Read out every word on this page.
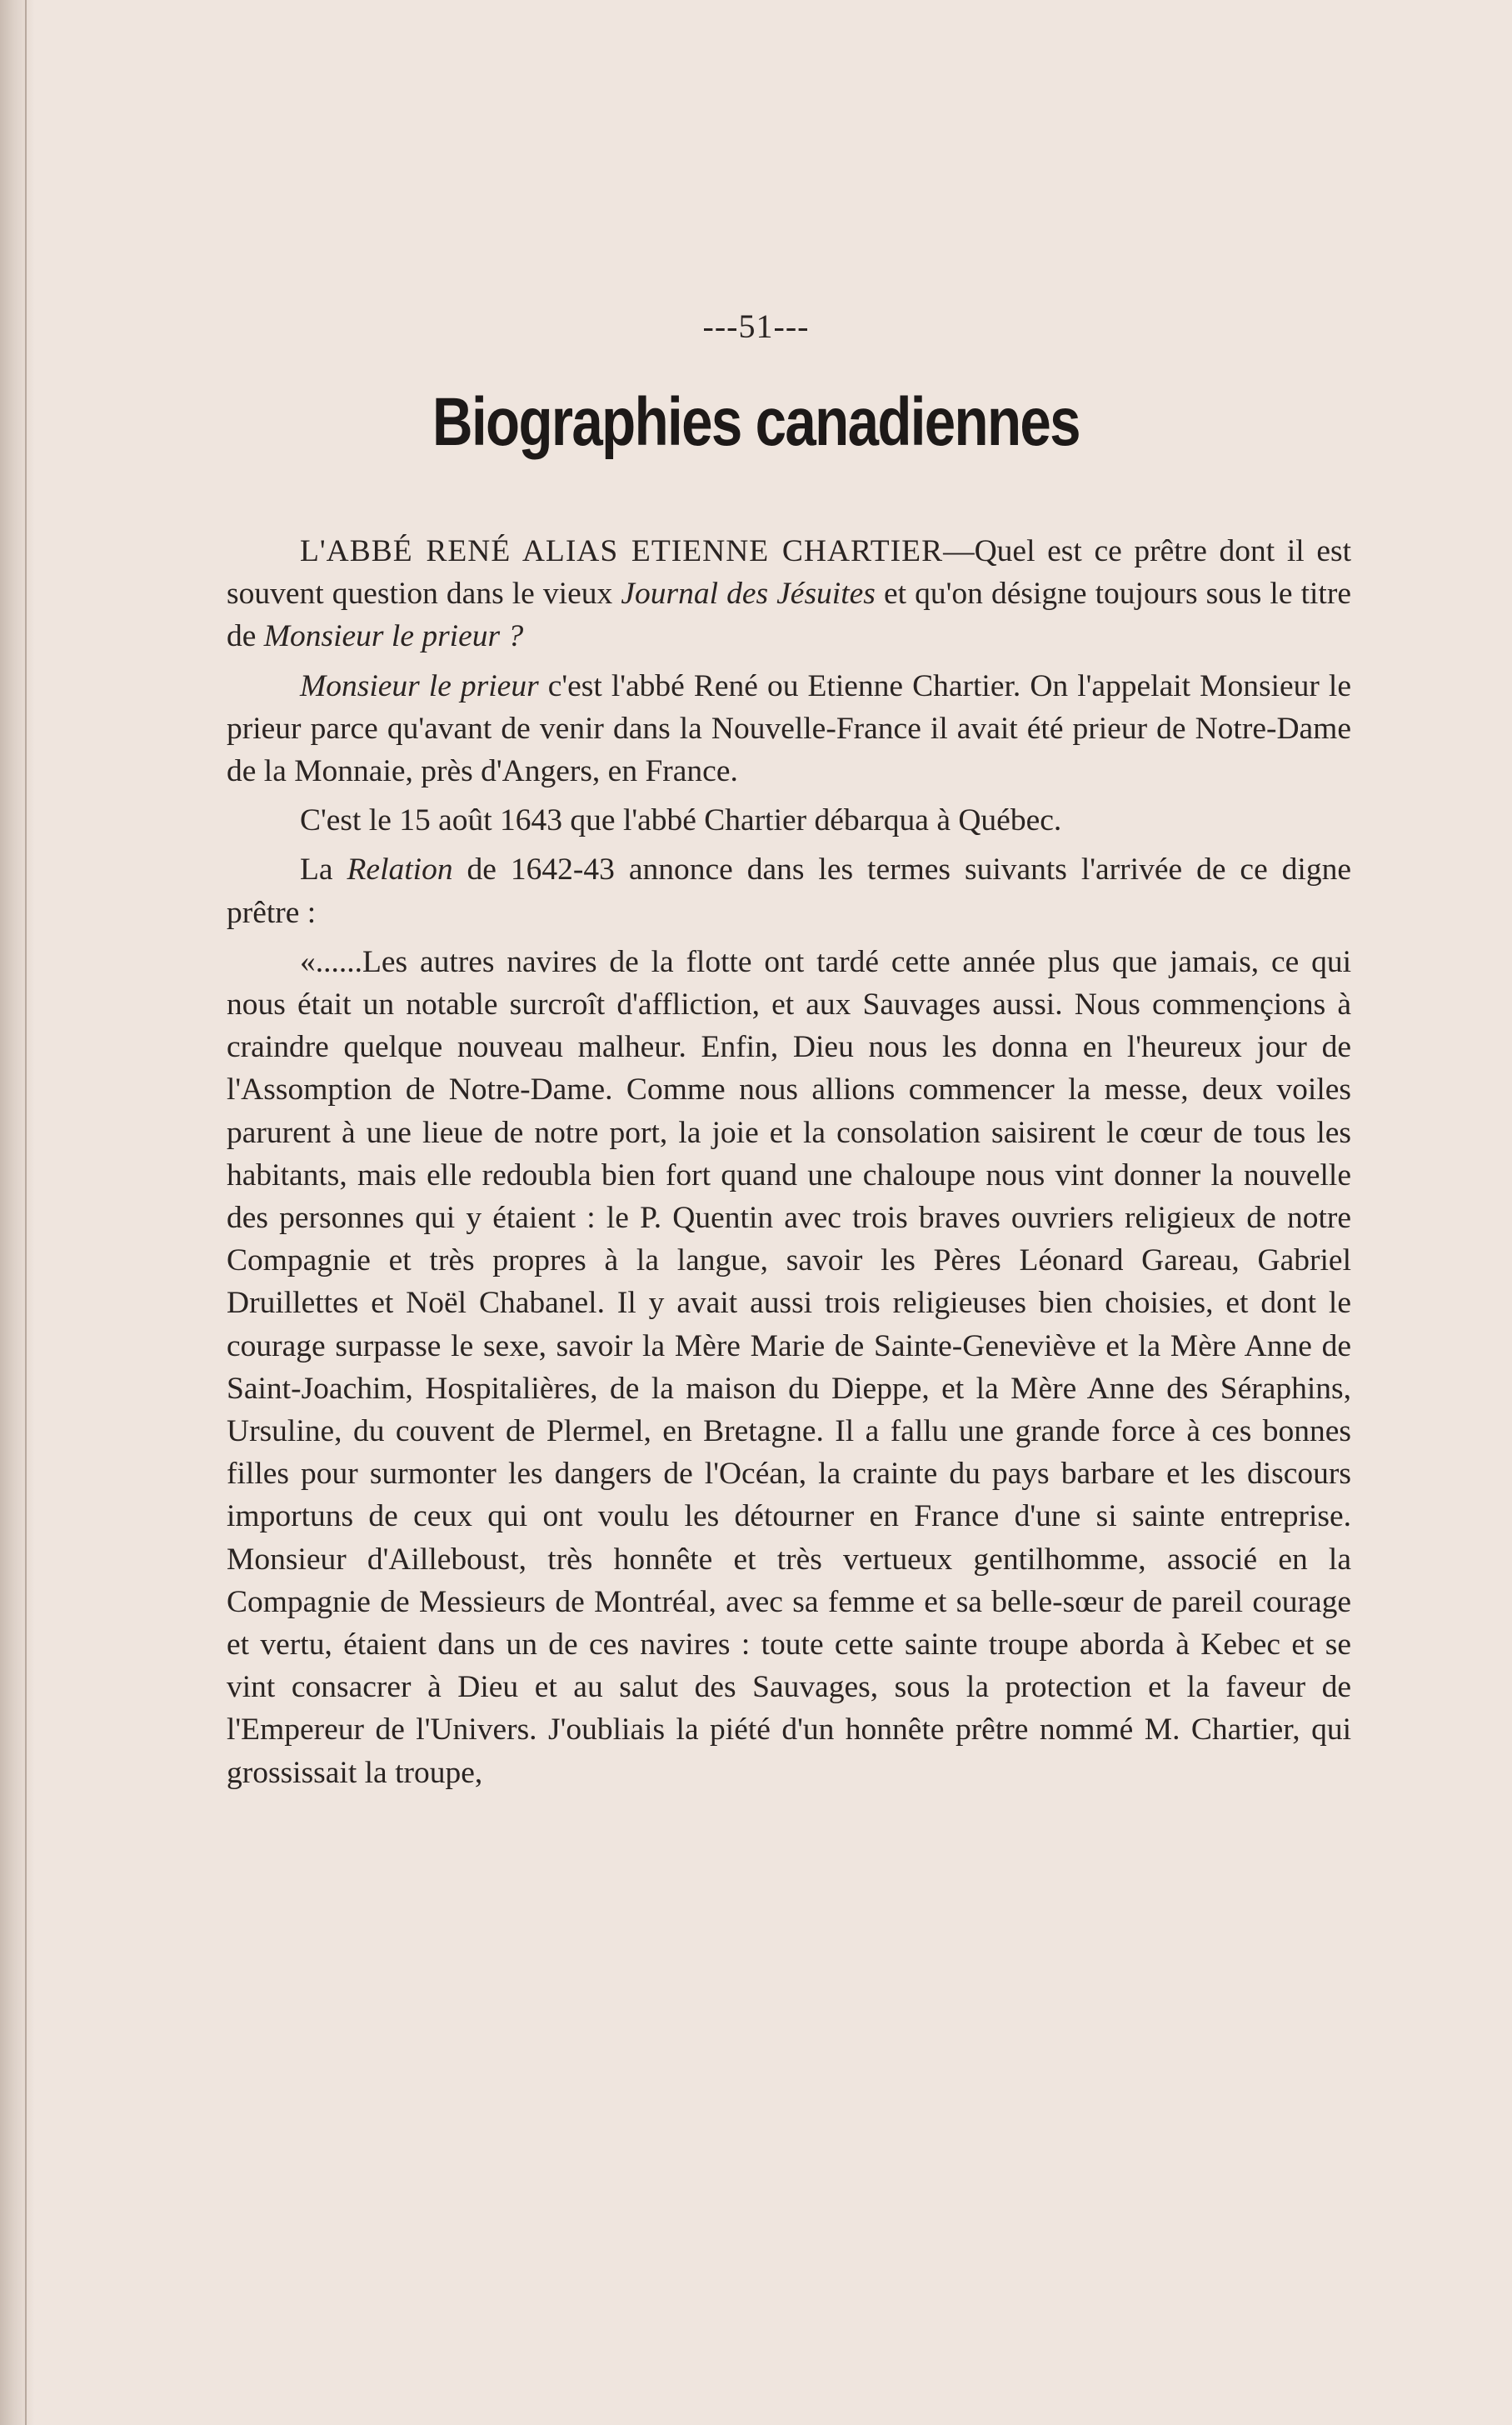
---51---
Biographies canadiennes

L'ABBÉ RENÉ ALIAS ETIENNE CHARTIER—Quel est ce prêtre dont il est souvent question dans le vieux Journal des Jésuites et qu'on désigne toujours sous le titre de Monsieur le prieur ?

Monsieur le prieur c'est l'abbé René ou Etienne Chartier. On l'appelait Monsieur le prieur parce qu'avant de venir dans la Nouvelle-France il avait été prieur de Notre-Dame de la Monnaie, près d'Angers, en France.

C'est le 15 août 1643 que l'abbé Chartier débarqua à Québec.

La Relation de 1642-43 annonce dans les termes suivants l'arrivée de ce digne prêtre :

«......Les autres navires de la flotte ont tardé cette année plus que jamais, ce qui nous était un notable surcroît d'affliction, et aux Sauvages aussi. Nous commençions à craindre quelque nouveau malheur. Enfin, Dieu nous les donna en l'heureux jour de l'Assomption de Notre-Dame. Comme nous allions commencer la messe, deux voiles parurent à une lieue de notre port, la joie et la consolation saisirent le cœur de tous les habitants, mais elle redoubla bien fort quand une chaloupe nous vint donner la nouvelle des personnes qui y étaient : le P. Quentin avec trois braves ouvriers religieux de notre Compagnie et très propres à la langue, savoir les Pères Léonard Gareau, Gabriel Druillettes et Noël Chabanel. Il y avait aussi trois religieuses bien choisies, et dont le courage surpasse le sexe, savoir la Mère Marie de Sainte-Geneviève et la Mère Anne de Saint-Joachim, Hospitalières, de la maison du Dieppe, et la Mère Anne des Séraphins, Ursuline, du couvent de Plermel, en Bretagne. Il a fallu une grande force à ces bonnes filles pour surmonter les dangers de l'Océan, la crainte du pays barbare et les discours importuns de ceux qui ont voulu les détourner en France d'une si sainte entreprise. Monsieur d'Ailleboust, très honnête et très vertueux gentilhomme, associé en la Compagnie de Messieurs de Montréal, avec sa femme et sa belle-sœur de pareil courage et vertu, étaient dans un de ces navires : toute cette sainte troupe aborda à Kebec et se vint consacrer à Dieu et au salut des Sauvages, sous la protection et la faveur de l'Empereur de l'Univers. J'oubliais la piété d'un honnête prêtre nommé M. Chartier, qui grossissait la troupe,
